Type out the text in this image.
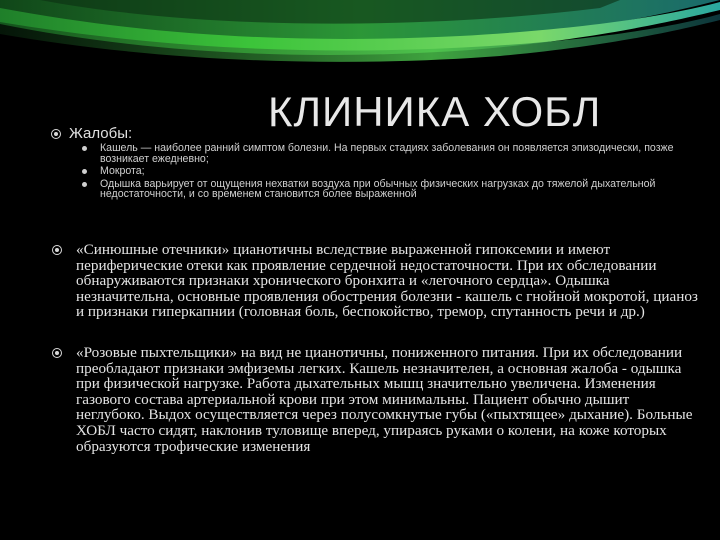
КЛИНИКА ХОБЛ
Жалобы:
Кашель — наиболее ранний симптом болезни. На первых стадиях заболевания он появляется эпизодически, позже возникает ежедневно;
Мокрота;
Одышка варьирует от ощущения нехватки воздуха при обычных физических нагрузках до тяжелой дыхательной недостаточности, и со временем становится более выраженной
«Синюшные отечники» цианотичны вследствие выраженной гипоксемии и имеют периферические отеки как проявление сердечной недостаточности. При их обследовании обнаруживаются признаки хронического бронхита и «легочного сердца». Одышка незначительна, основные проявления обострения болезни - кашель с гнойной мокротой, цианоз и признаки гиперкапнии (головная боль, беспокойство, тремор, спутанность речи и др.)
«Розовые пыхтельщики» на вид не цианотичны, пониженного питания. При их обследовании преобладают признаки эмфиземы легких. Кашель незначителен, а основная жалоба - одышка при физической нагрузке. Работа дыхательных мышц значительно увеличена. Изменения газового состава артериальной крови при этом минимальны. Пациент обычно дышит неглубоко. Выдох осуществляется через полусомкнутые губы («пыхтящее» дыхание). Больные ХОБЛ часто сидят, наклонив туловище вперед, упираясь руками о колени, на коже которых образуются трофические изменения
